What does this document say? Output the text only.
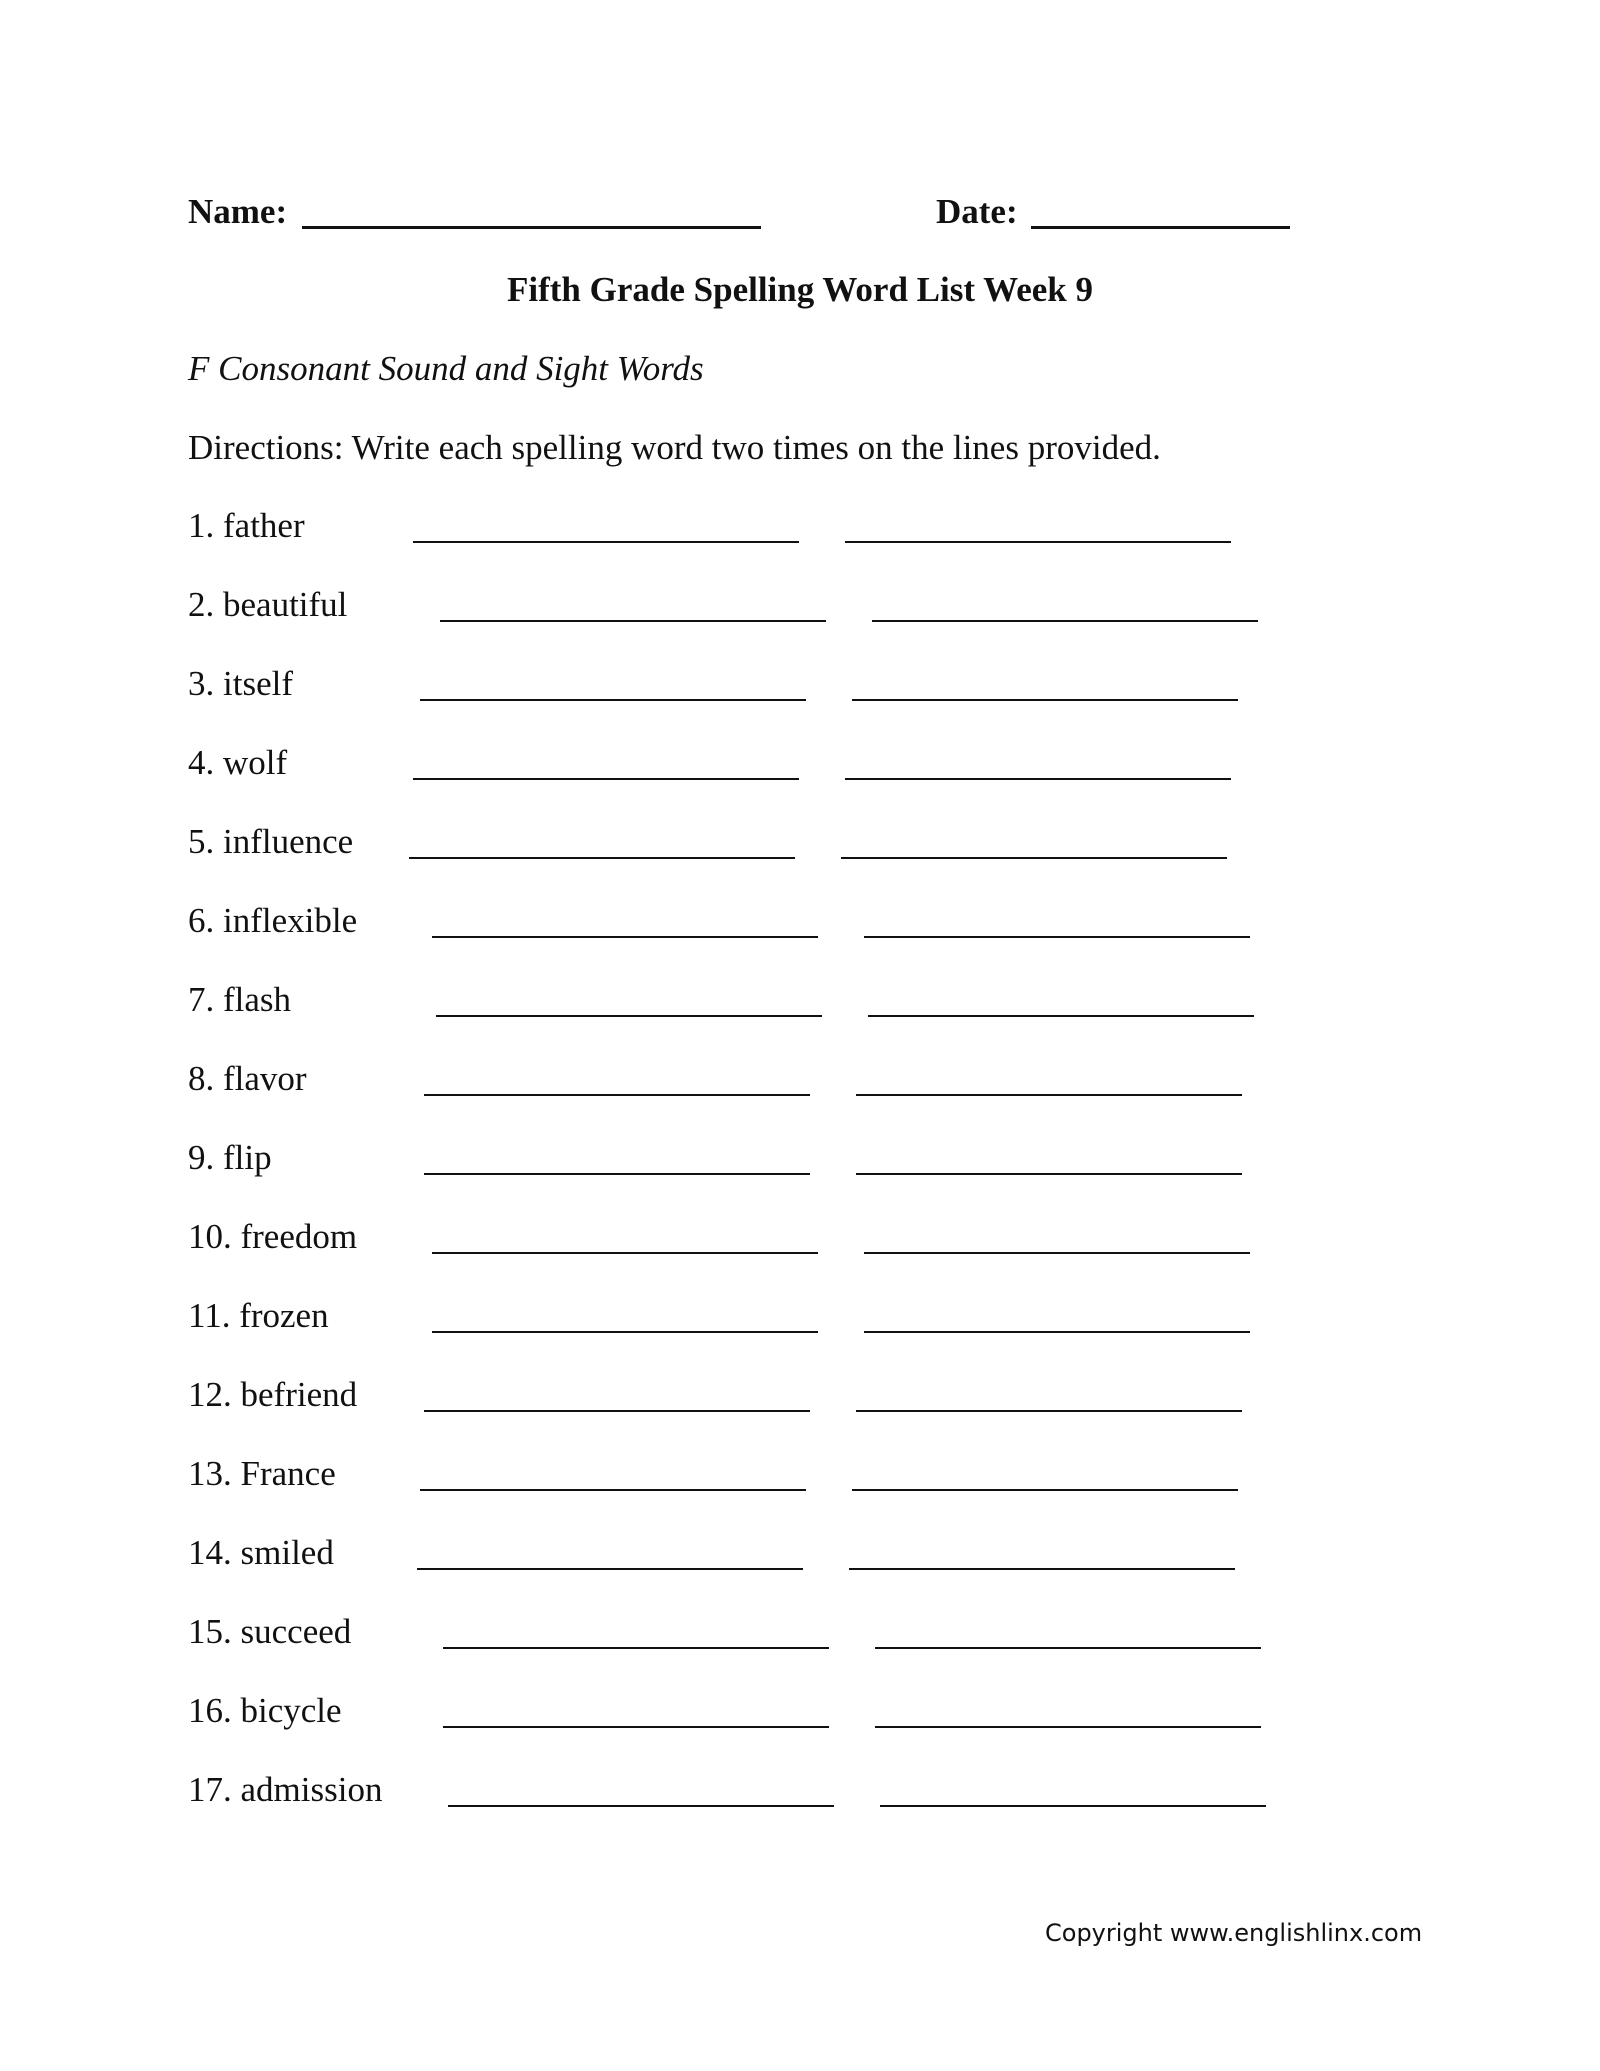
Name:	Date:
Fifth Grade Spelling Word List Week 9
F Consonant Sound and Sight Words
Directions: Write each spelling word two times on the lines provided.
1. father
2. beautiful
3. itself
4. wolf
5. influence
6. inflexible
7. flash
8. flavor
9. flip
10. freedom
11. frozen
12. befriend
13. France
14. smiled
15. succeed
16. bicycle
17. admission
Copyright www.englishlinx.com
